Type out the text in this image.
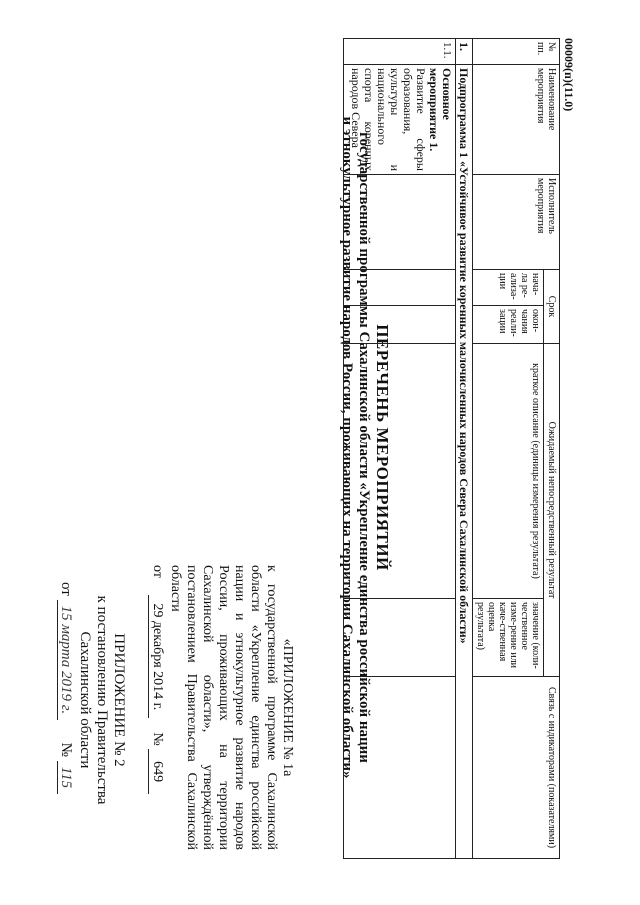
ПРИЛОЖЕНИЕ № 2
к постановлению Правительства
Сахалинской области
от 15 марта 2019 г.      № 115
«ПРИЛОЖЕНИЕ № 1а
к государственной программе Сахалинской области «Укрепление единства российской нации и этнокультурное развитие народов России, проживающих на территории Сахалинской области», утверждённой постановлением Правительства Сахалинской области
от     29 декабря 2014 г.    № 649
ПЕРЕЧЕНЬ МЕРОПРИЯТИЙ
государственной программы Сахалинской области «Укрепление единства российской нации
и этнокультурное развитие народов России, проживающих на территории Сахалинской области»
№ пп.	Наименование мероприятия	Исполнитель мероприятия	Срок		Ожидаемый непосредственный результат		Связь с индикаторами (показателями)
			нача-ла ре-ализа-ции	окон-чания реали-зации	краткое описание (единицы измерения результата)	значение (коли-чественное изме-рение или каче-ственная оценка результата)	
1.	Подпрограмма 1 «Устойчивое развитие коренных малочисленных народов Севера Сахалинской области»						
1.1.	Основное мероприятие 1.
Развитие сферы образования, культуры и национального спорта коренных народов Севера						
							00009(п)(11.0)
